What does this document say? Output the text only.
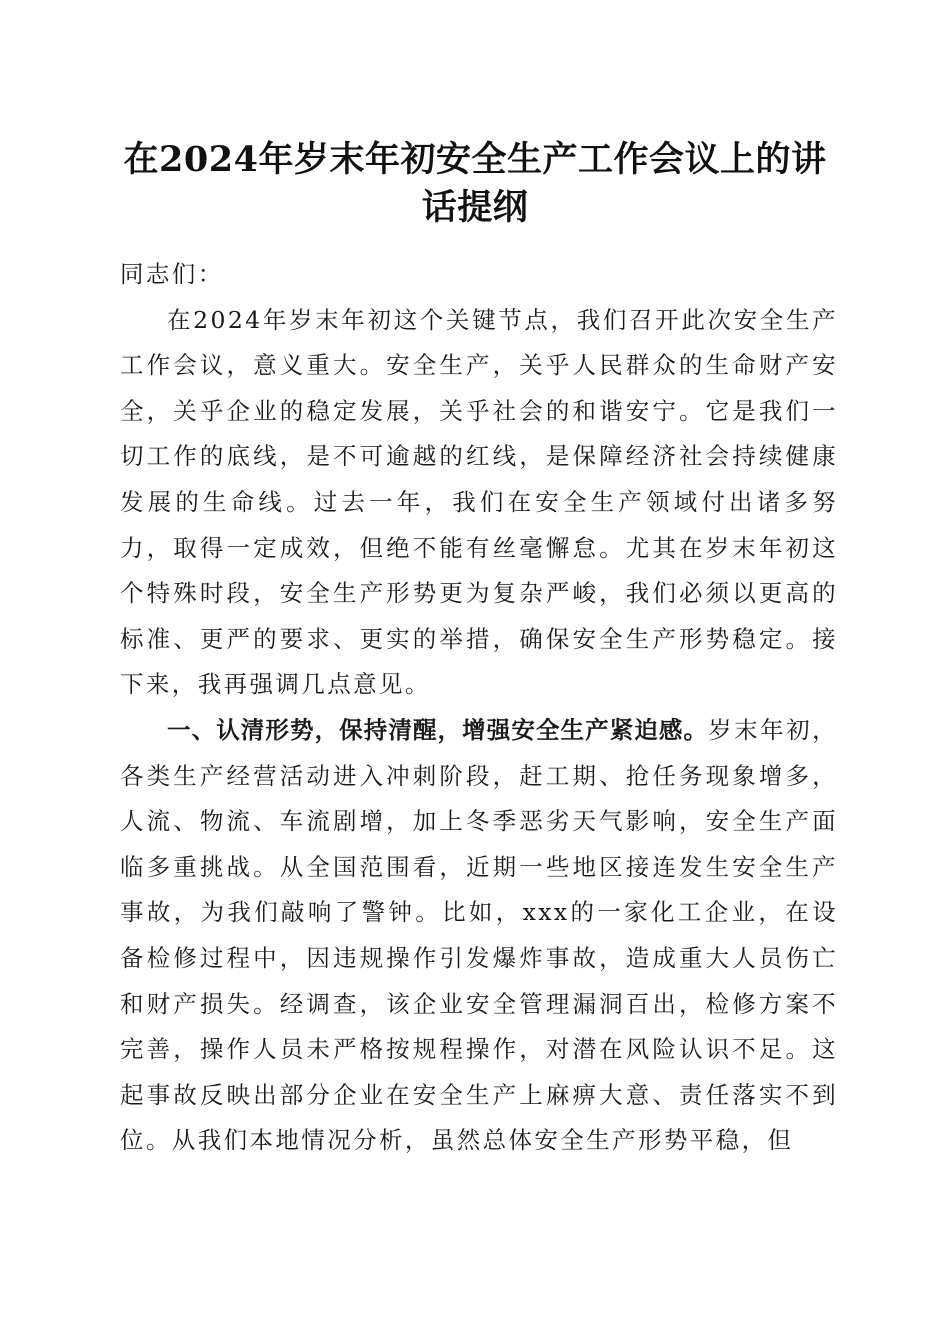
在2024年岁末年初安全生产工作会议上的讲话提纲

同志们：

在2024年岁末年初这个关键节点，我们召开此次安全生产工作会议，意义重大。安全生产，关乎人民群众的生命财产安全，关乎企业的稳定发展，关乎社会的和谐安宁。它是我们一切工作的底线，是不可逾越的红线，是保障经济社会持续健康发展的生命线。过去一年，我们在安全生产领域付出诸多努力，取得一定成效，但绝不能有丝毫懈怠。尤其在岁末年初这个特殊时段，安全生产形势更为复杂严峻，我们必须以更高的标准、更严的要求、更实的举措，确保安全生产形势稳定。接下来，我再强调几点意见。

一、认清形势，保持清醒，增强安全生产紧迫感。岁末年初，各类生产经营活动进入冲刺阶段，赶工期、抢任务现象增多，人流、物流、车流剧增，加上冬季恶劣天气影响，安全生产面临多重挑战。从全国范围看，近期一些地区接连发生安全生产事故，为我们敲响了警钟。比如，xxx的一家化工企业，在设备检修过程中，因违规操作引发爆炸事故，造成重大人员伤亡和财产损失。经调查，该企业安全管理漏洞百出，检修方案不完善，操作人员未严格按规程操作，对潜在风险认识不足。这起事故反映出部分企业在安全生产上麻痹大意、责任落实不到位。从我们本地情况分析，虽然总体安全生产形势平稳，但
